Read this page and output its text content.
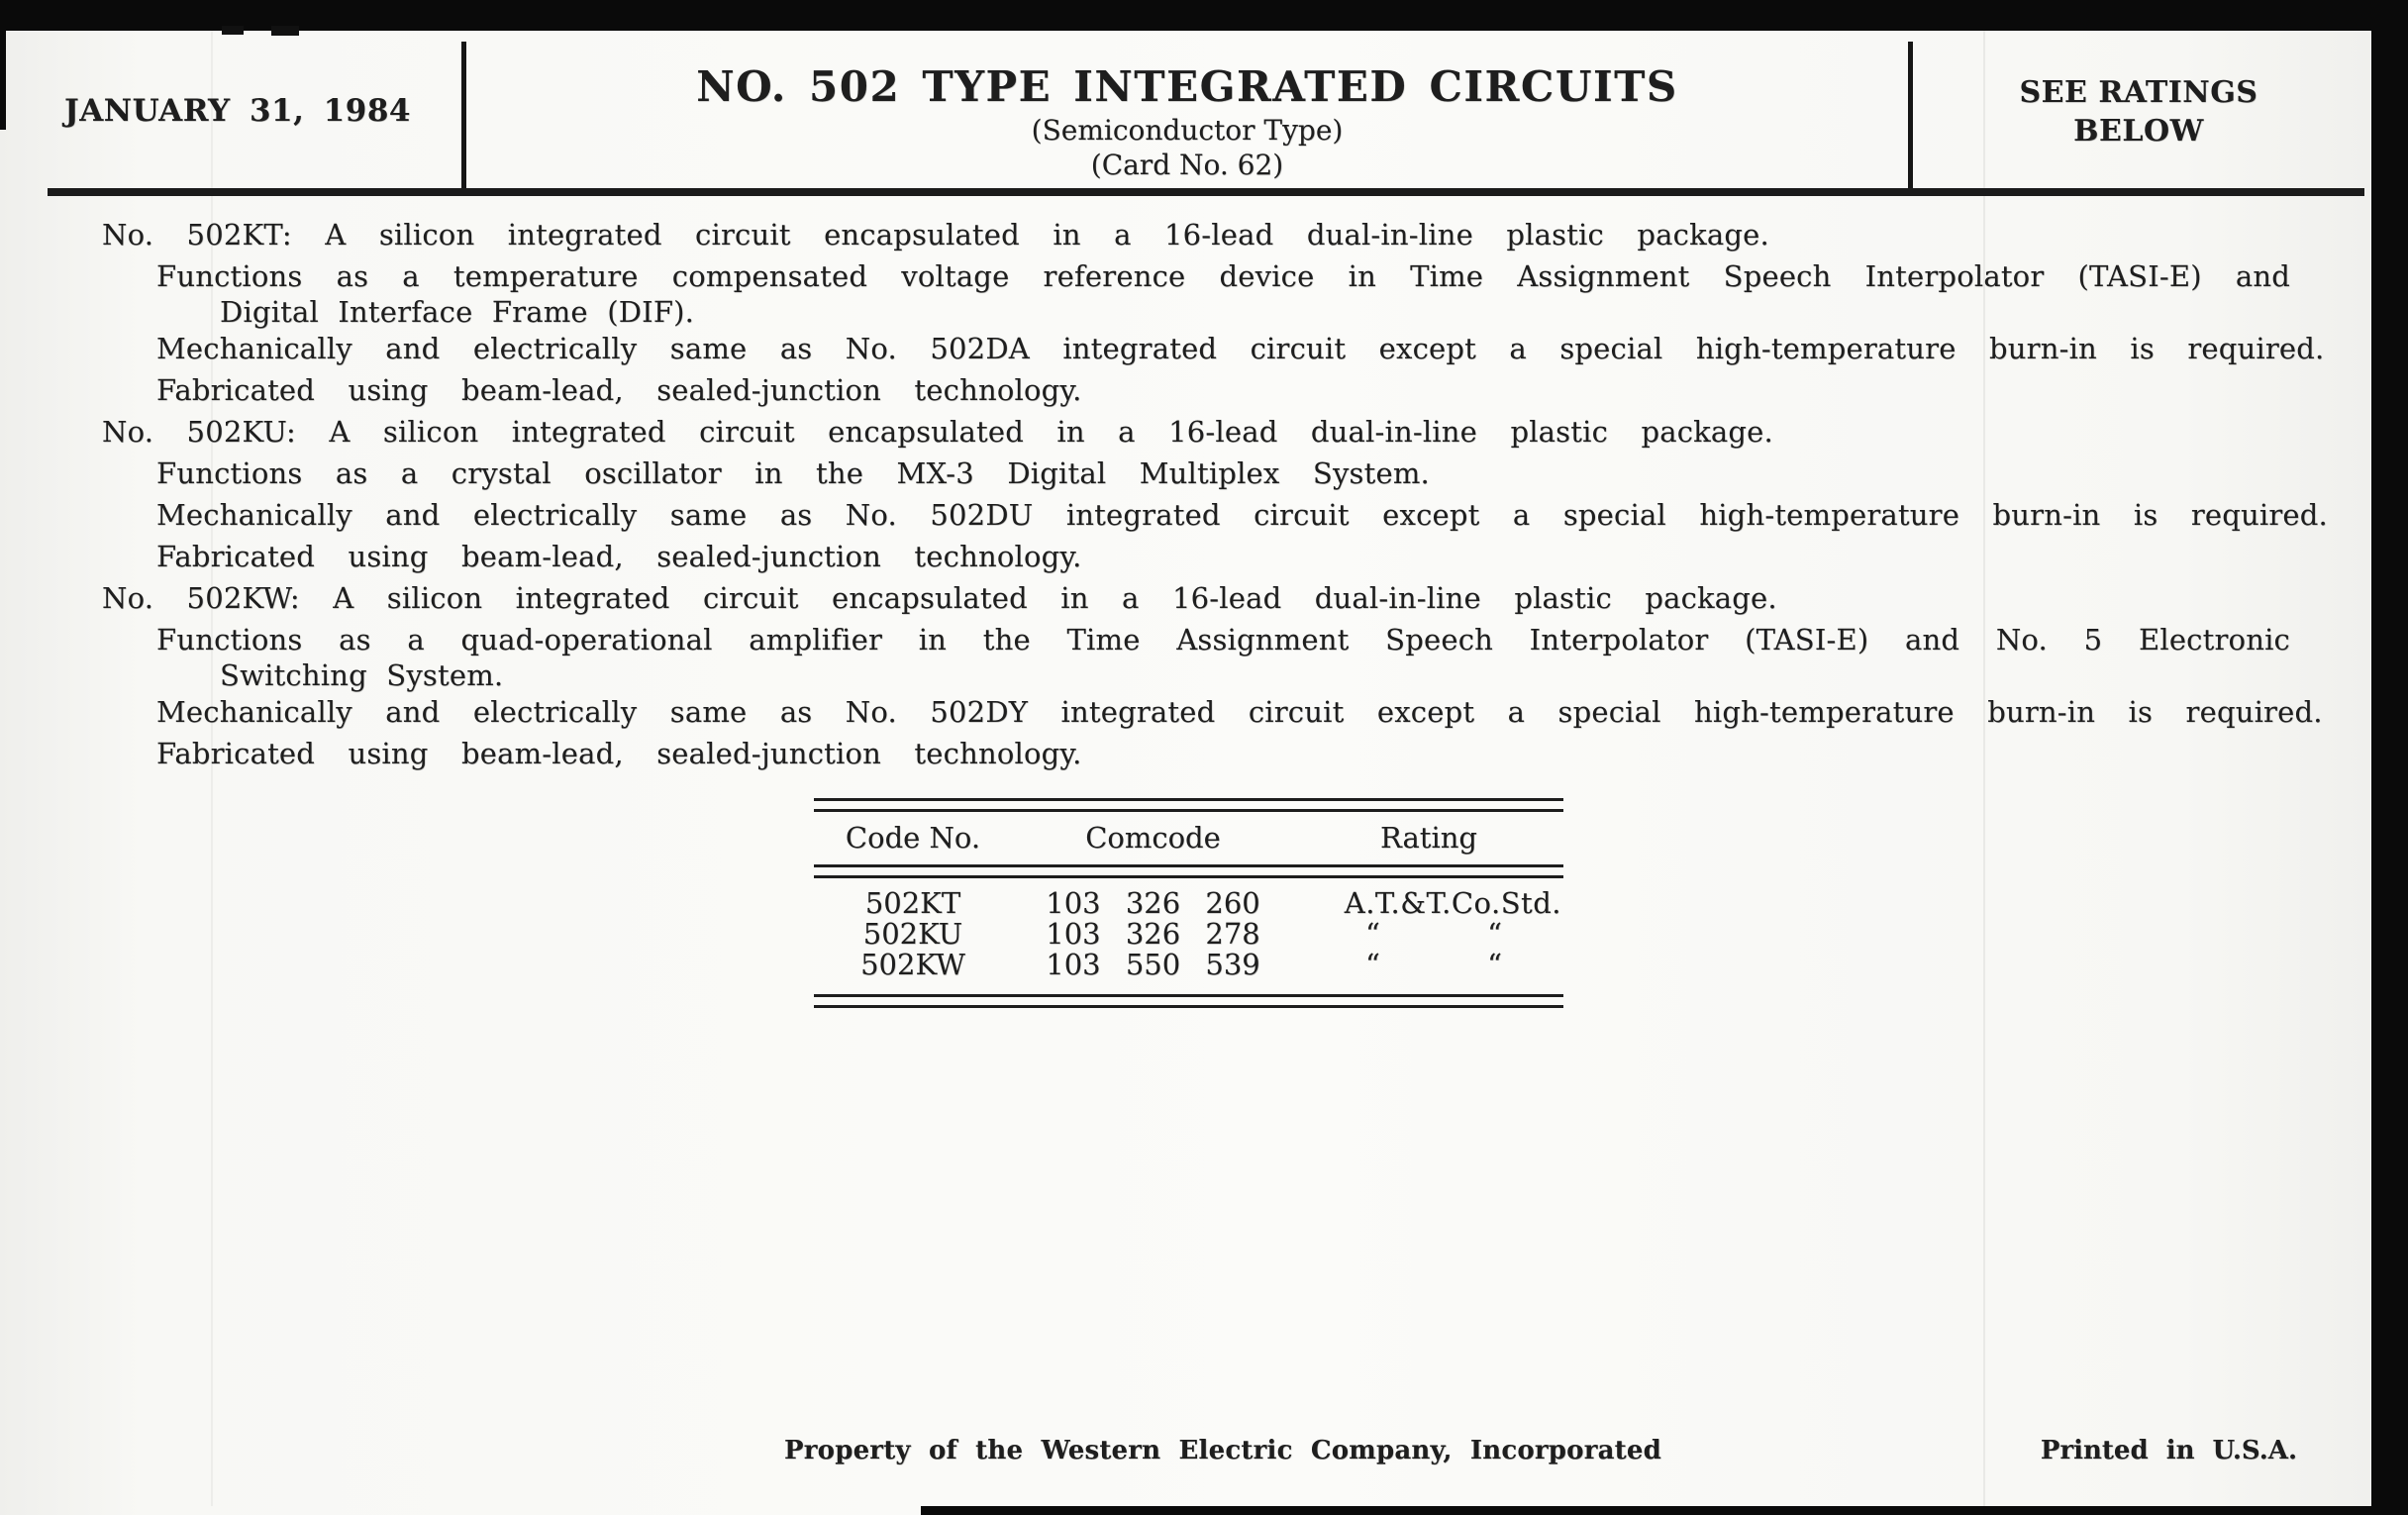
JANUARY 31, 1984	NO. 502 TYPE INTEGRATED CIRCUITS
(Semiconductor Type)
(Card No. 62)
SEE RATINGS
BELOW
No. 502KT: A silicon integrated circuit encapsulated in a 16-lead dual-in-line plastic package.
Functions as a temperature compensated voltage reference device in Time Assignment Speech Interpolator (TASI-E) and
Digital Interface Frame (DIF).
Mechanically and electrically same as No. 502DA integrated circuit except a special high-temperature burn-in is required.
Fabricated using beam-lead, sealed-junction technology.
No. 502KU: A silicon integrated circuit encapsulated in a 16-lead dual-in-line plastic package.
Functions as a crystal oscillator in the MX-3 Digital Multiplex System.
Mechanically and electrically same as No. 502DU integrated circuit except a special high-temperature burn-in is required.
Fabricated using beam-lead, sealed-junction technology.
No. 502KW: A silicon integrated circuit encapsulated in a 16-lead dual-in-line plastic package.
Functions as a quad-operational amplifier in the Time Assignment Speech Interpolator (TASI-E) and No. 5 Electronic
Switching System.
Mechanically and electrically same as No. 502DY integrated circuit except a special high-temperature burn-in is required.
Fabricated using beam-lead, sealed-junction technology.
Code No.	Comcode	Rating
502KT	103 326 260	A.T.&T.Co.Std.
502KU	103 326 278	“	“
502KW	103 550 539	“	“
Property of the Western Electric Company, Incorporated	Printed in U.S.A.
